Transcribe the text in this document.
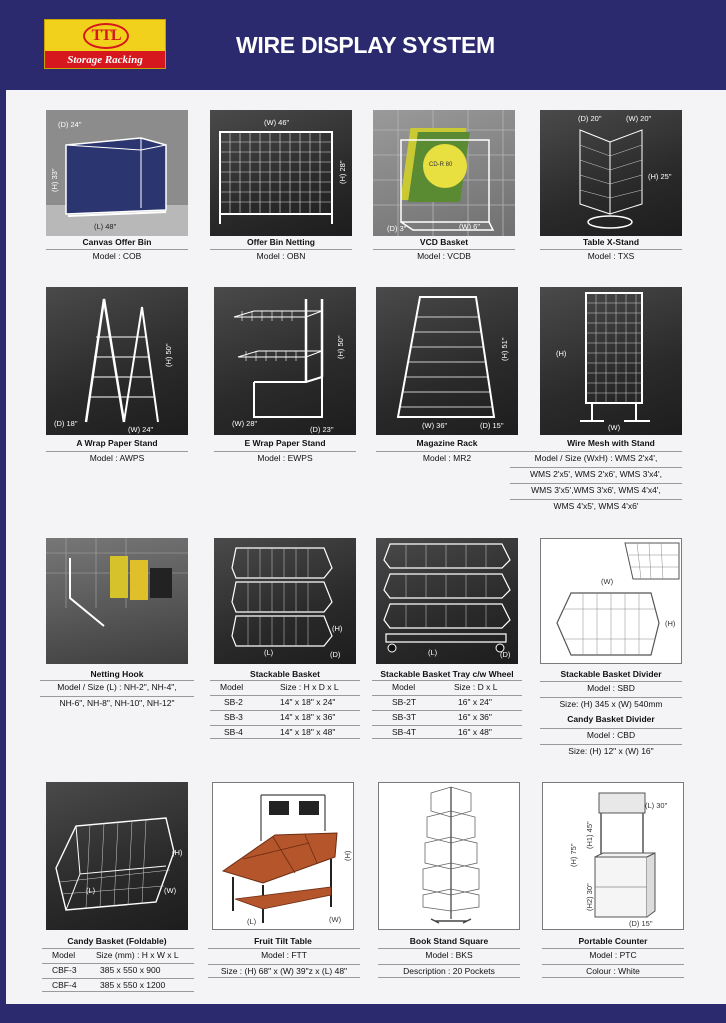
TTL
Storage Racking
WIRE DISPLAY SYSTEM
(D) 24"
(H) 33"
(L) 48"
Canvas Offer Bin
Model : COB
(W) 46"
(H) 28"
Offer Bin Netting
Model : OBN
CD-R 80
(D) 3"	(W) 6"
VCD Basket
Model : VCDB
(D) 20"	(W) 20"
(H) 25"
Table X-Stand
Model : TXS
(H) 50"
(D) 18"
(W) 24"
A Wrap Paper Stand
Model : AWPS
(H) 50"
(W) 28"
(D) 23"
E Wrap Paper Stand
Model : EWPS
(H) 51"
(W) 36"	(D) 15"
Magazine Rack
Model : MR2
(H)
(W)
Wire Mesh with Stand
Model / Size (WxH) : WMS 2'x4',
WMS 2'x5', WMS 2'x6', WMS 3'x4',
WMS 3'x5',WMS 3'x6', WMS 4'x4',
WMS 4'x5', WMS 4'x6'
Netting Hook
Model / Size (L) : NH-2", NH-4",
NH-6", NH-8", NH-10", NH-12"
(H)
(L)	(D)
Stackable Basket
Model	Size : H x D x L
SB-2	14" x 18" x 24"
SB-3	14" x 18" x 36"
SB-4	14" x 18" x 48"
(L)	(D)
Stackable Basket Tray c/w Wheel
Model	Size : D x L
SB-2T	16" x 24"
SB-3T	16" x 36"
SB-4T	16" x 48"
(W)
(H)
Stackable Basket Divider
Model : SBD
Size: (H) 345 x (W) 540mm
Candy Basket Divider
Model : CBD
Size: (H) 12" x (W) 16"
(H)
(L)	(W)
Candy Basket (Foldable)
Model Size (mm) : H x W x L
CBF-3	385 x 550 x 900
CBF-4	385 x 550 x 1200
(H)
(L)	(W)
Fruit Tilt Table
Model : FTT
Size : (H) 68" x (W) 39"z x (L) 48"
Book Stand Square
Model : BKS
Description : 20 Pockets
(L) 30"
(H1) 45"
(H) 75"
(H2) 30"
(D) 15"
Portable Counter
Model : PTC
Colour : White
